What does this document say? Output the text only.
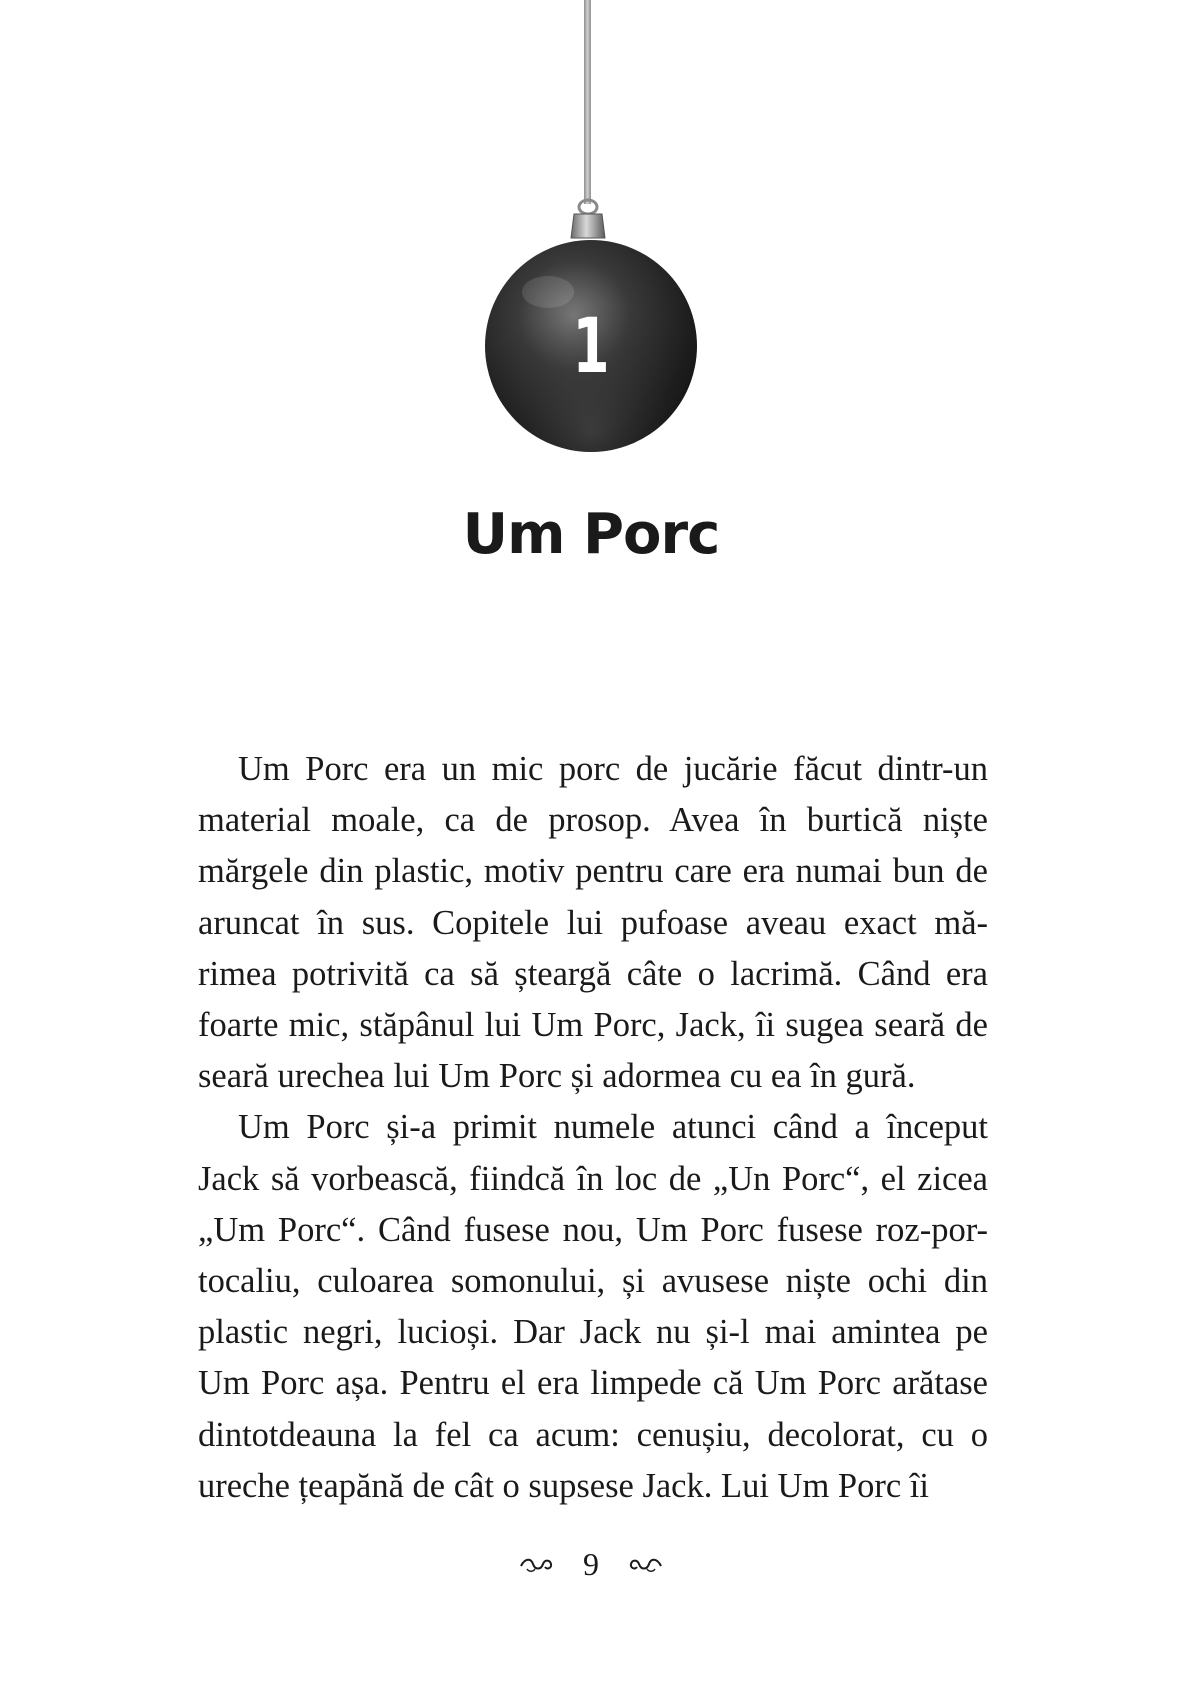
1
Um Porc

Um Porc era un mic porc de jucărie făcut dintr-un material moale, ca de prosop. Avea în burtică niște mărgele din plastic, motiv pentru care era numai bun de aruncat în sus. Copitele lui pufoase aveau exact mă-rimea potrivită ca să șteargă câte o lacrimă. Când era foarte mic, stăpânul lui Um Porc, Jack, îi sugea seară de seară urechea lui Um Porc și adormea cu ea în gură.

Um Porc și-a primit numele atunci când a început Jack să vorbească, fiindcă în loc de „Un Porc“, el zicea „Um Porc“. Când fusese nou, Um Porc fusese roz-por-tocaliu, culoarea somonului, și avusese niște ochi din plastic negri, lucioși. Dar Jack nu și-l mai amintea pe Um Porc așa. Pentru el era limpede că Um Porc arătase dintotdeauna la fel ca acum: cenușiu, decolorat, cu o ureche țeapănă de cât o supsese Jack. Lui Um Porc îi

9
